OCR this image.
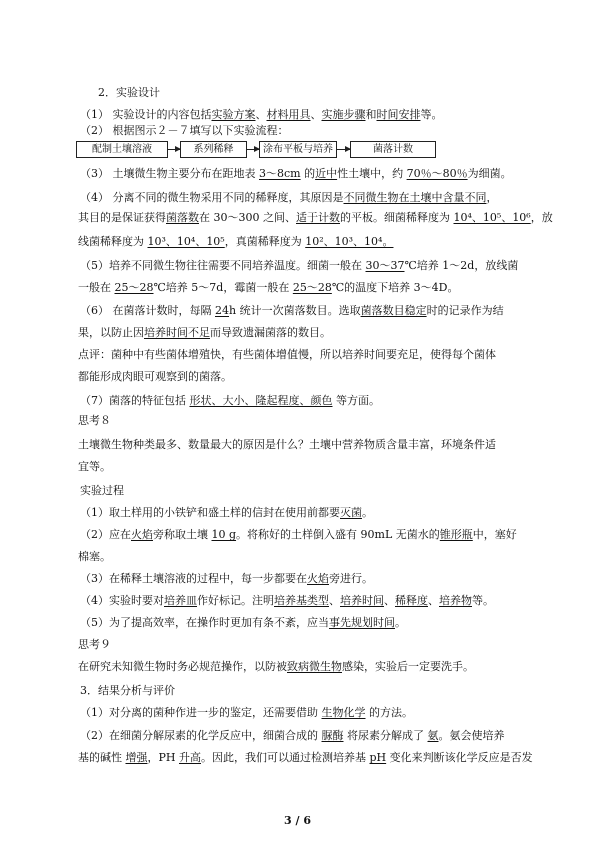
2．实验设计
（1） 实验设计的内容包括实验方案、材料用具、实施步骤和时间安排等。
（2） 根据图示２－７填写以下实验流程：
配制土壤溶液	系列稀释	涂布平板与培养	菌落计数
（3） 土壤微生物主要分布在距地表 3～8cm 的近中性土壤中，约 70％～80％为细菌。
（4） 分离不同的微生物采用不同的稀释度，其原因是不同微生物在土壤中含量不同，
其目的是保证获得菌落数在 30～300 之间、适于计数的平板。细菌稀释度为 10⁴、10⁵、10⁶，放
线菌稀释度为 10³、10⁴、10⁵，真菌稀释度为 10²、10³、10⁴。
（5）培养不同微生物往往需要不同培养温度。细菌一般在 30～37℃培养 1～2d，放线菌
一般在 25～28℃培养 5～7d，霉菌一般在 25～28℃的温度下培养 3～4D。
（6） 在菌落计数时，每隔 24h 统计一次菌落数目。选取菌落数目稳定时的记录作为结
果，以防止因培养时间不足而导致遗漏菌落的数目。
点评：菌种中有些菌体增殖快，有些菌体增值慢，所以培养时间要充足，使得每个菌体
都能形成肉眼可观察到的菌落。
（7）菌落的特征包括 形状、大小、隆起程度、颜色 等方面。
思考８
土壤微生物种类最多、数量最大的原因是什么？土壤中营养物质含量丰富，环境条件适
宜等。
实验过程
（1）取土样用的小铁铲和盛土样的信封在使用前都要灭菌。
（2）应在火焰旁称取土壤 10 g。将称好的土样倒入盛有 90mL 无菌水的锥形瓶中，塞好
棉塞。
（3）在稀释土壤溶液的过程中，每一步都要在火焰旁进行。
（4）实验时要对培养皿作好标记。注明培养基类型、培养时间、稀释度、培养物等。
（5）为了提高效率，在操作时更加有条不紊，应当事先规划时间。
思考９
在研究未知微生物时务必规范操作，以防被致病微生物感染，实验后一定要洗手。
3．结果分析与评价
（1）对分离的菌种作进一步的鉴定，还需要借助 生物化学 的方法。
（2）在细菌分解尿素的化学反应中，细菌合成的 脲酶 将尿素分解成了 氨。氨会使培养
基的碱性 增强，PH 升高。因此，我们可以通过检测培养基 pH 变化来判断该化学反应是否发
3 / 6
